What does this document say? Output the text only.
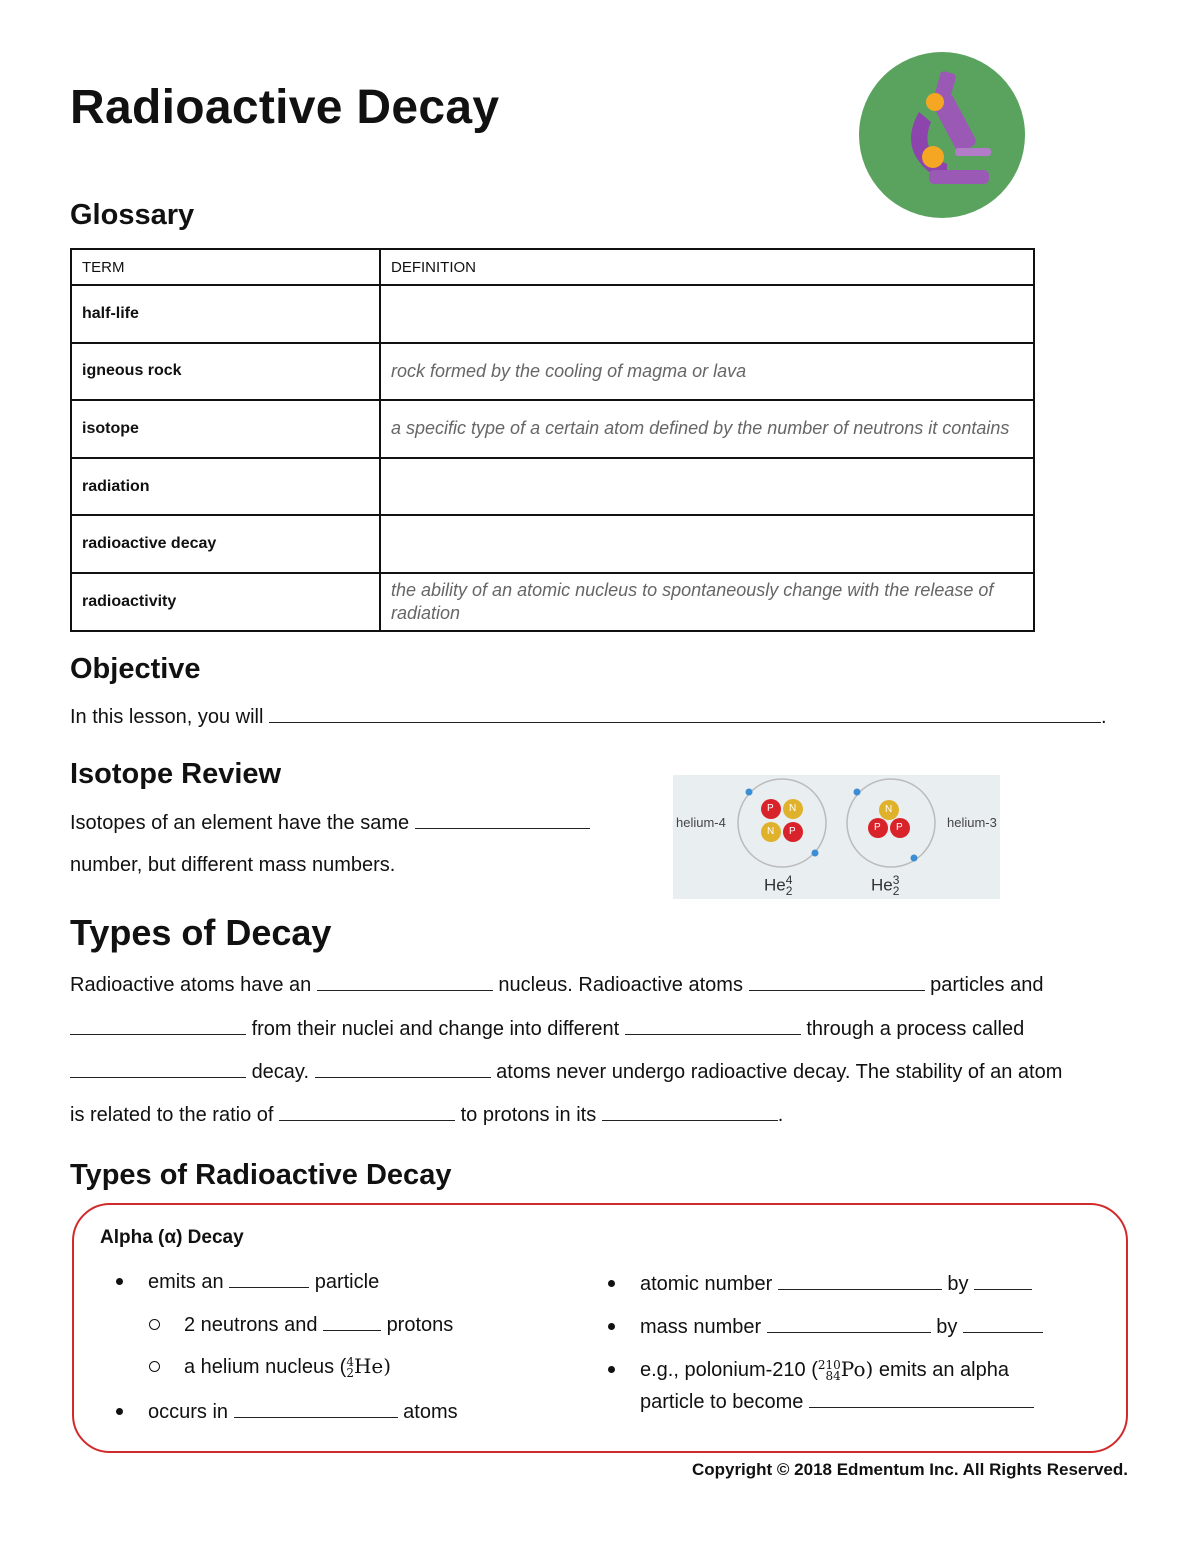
Radioactive Decay
Glossary
TERM	DEFINITION
half-life	
igneous rock	rock formed by the cooling of magma or lava
isotope	a specific type of a certain atom defined by the number of neutrons it contains
radiation	
radioactive decay	
radioactivity	the ability of an atomic nucleus to spontaneously change with the release of radiation
Objective
In this lesson, you will	.
Isotope Review
Isotopes of an element have the same
number, but different mass numbers.
helium-4	helium-3
P N
N P
N
P P
He4
2	He3
2
Types of Decay
Radioactive atoms have an	nucleus. Radioactive atoms	particles and
from their nuclei and change into different	through a process called
decay.	atoms never undergo radioactive decay. The stability of an atom
is related to the ratio of	to protons in its	.
Types of Radioactive Decay
Alpha (α) Decay
emits an	particle
2 neutrons and	protons
a helium nucleus (4
2He)
occurs in	atoms
atomic number	by
mass number	by
e.g., polonium-210 (210
84Po) emits an alpha
particle to become
Copyright © 2018 Edmentum Inc. All Rights Reserved.
